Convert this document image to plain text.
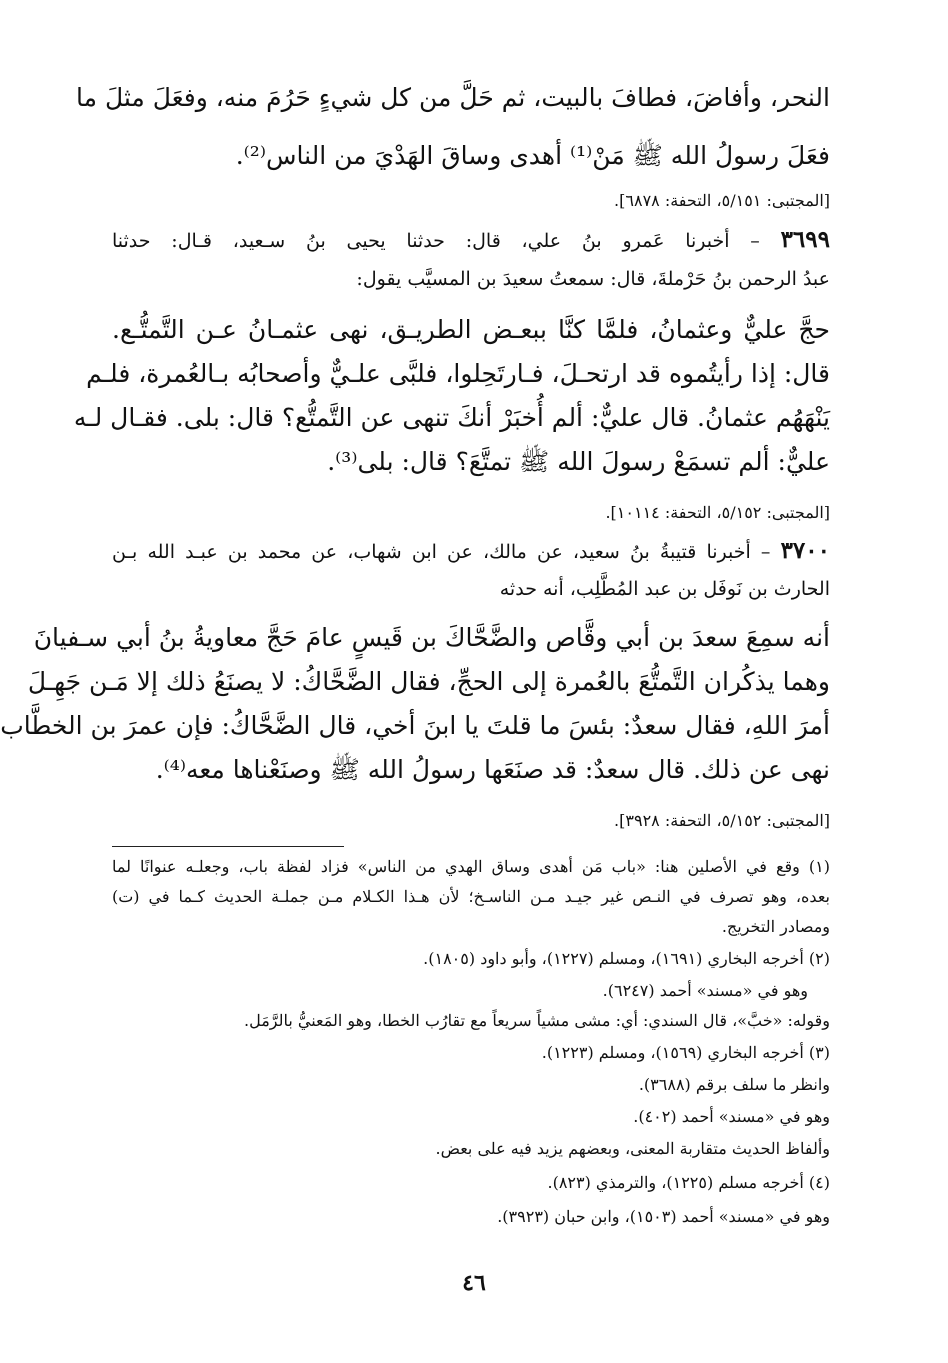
النحر، وأفاضَ، فطافَ بالبيت، ثم حَلَّ من كل شيءٍ حَرُمَ منه، وفعَلَ مثلَ ما
فعَلَ رسولُ الله ﷺ مَنْ⁽¹⁾ أهدى وساقَ الهَدْيَ من الناس⁽²⁾.
[المجتبى: ٥/١٥١، التحفة: ٦٨٧٨].
٣٦٩٩ – أخبرنا عَمرو بنُ علي، قال: حدثنا يحيى بنُ سـعيد، قـال: حدثنا
عبدُ الرحمن بنُ حَرْملةَ، قال: سمعتُ سعيدَ بن المسيَّب يقول:
حجَّ عليٌّ وعثمانُ، فلمَّا كنَّا ببعـض الطريـق، نهى عثمـانُ عـن التَّمتُّـع.
قال: إذا رأيتُموه قد ارتحـلَ، فـارتَحِلوا، فلبَّى علـيٌّ وأصحابُه بـالعُمرة، فلـم
يَنْهَهُم عثمانُ. قال عليٌّ: ألم أُخبَرْ أنكَ تنهى عن التَّمتُّع؟ قال: بلى. فقـال لـه
عليٌّ: ألم تسمَعْ رسولَ الله ﷺ تمتَّعَ؟ قال: بلى⁽³⁾.
[المجتبى: ٥/١٥٢، التحفة: ١٠١١٤].
٣٧٠٠ – أخبرنا قتيبةُ بنُ سعيد، عن مالك، عن ابن شهاب، عن محمد بن عبـد الله بـن
الحارث بن نَوفَل بن عبد المُطَّلِب، أنه حدثه
أنه سمِعَ سعدَ بن أبي وقَّاص والضَّحَّاكَ بن قَيسٍ عامَ حَجَّ معاويةُ بنُ أبي سـفيانَ
وهما يذكُران التَّمتُّعَ بالعُمرة إلى الحجِّ، فقال الضَّحَّاكُ: لا يصنَعُ ذلك إلا مَـن جَهِـلَ
أمرَ اللهِ، فقال سعدٌ: بئسَ ما قلتَ يا ابنَ أخي، قال الضَّحَّاكُ: فإن عمرَ بن الخطَّاب
نهى عن ذلك. قال سعدٌ: قد صنَعَها رسولُ الله ﷺ وصنَعْناها معه⁽⁴⁾.
[المجتبى: ٥/١٥٢، التحفة: ٣٩٢٨].
(١) وقع في الأصلين هنا: «باب مَن أهدى وساق الهدي من الناس» فزاد لفظة باب، وجعلـه عنوانًا لما
بعده، وهو تصرف في النـص غير جيـد مـن الناسـخ؛ لأن هـذا الكـلام مـن جملـة الحديث كـما في (ت)
ومصادر التخريج.
(٢) أخرجه البخاري (١٦٩١)، ومسلم (١٢٢٧)، وأبو داود (١٨٠٥).
وهو في «مسند» أحمد (٦٢٤٧).
وقوله: «خبَّ»، قال السندي: أي: مشى مشياً سريعاً مع تقارُب الخطا، وهو المَعنيُّ بالرَّمَل.
(٣) أخرجه البخاري (١٥٦٩)، ومسلم (١٢٢٣).
وانظر ما سلف برقم (٣٦٨٨).
وهو في «مسند» أحمد (٤٠٢).
وألفاظ الحديث متقاربة المعنى، وبعضهم يزيد فيه على بعض.
(٤) أخرجه مسلم (١٢٢٥)، والترمذي (٨٢٣).
وهو في «مسند» أحمد (١٥٠٣)، وابن حبان (٣٩٢٣).
٤٦
